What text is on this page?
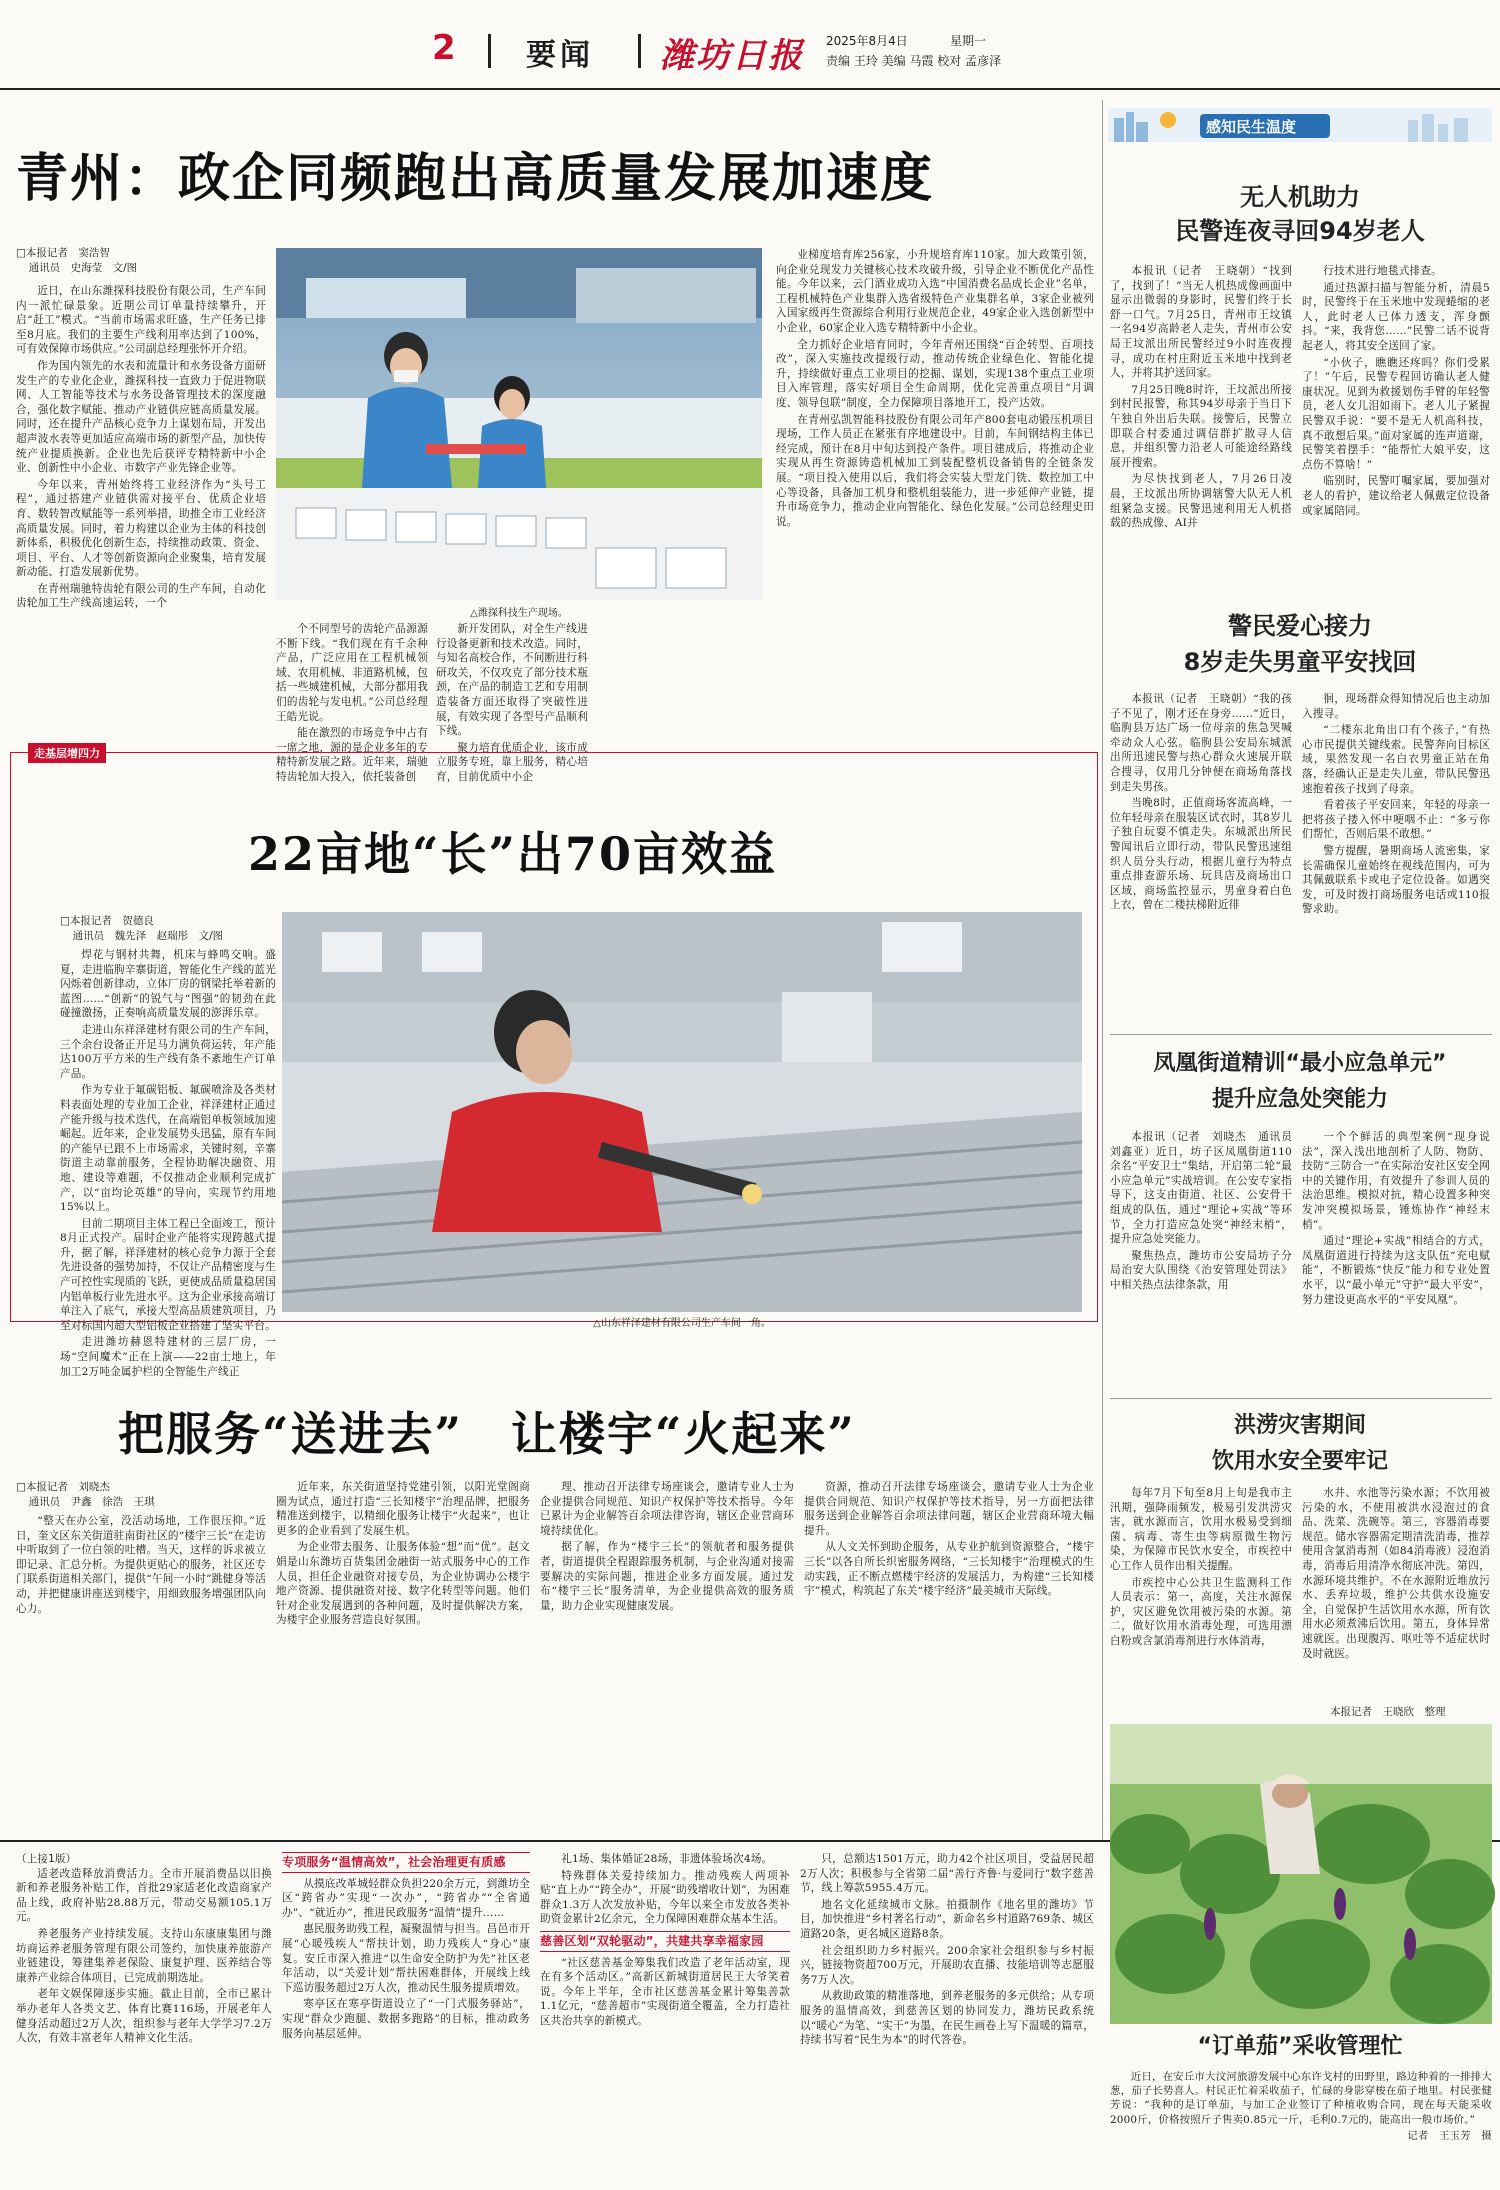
2 要闻 潍坊日报 2025年8月4日	星期一
责编 王玲 美编 马霞 校对 孟彦泽
青州：政企同频跑出高质量发展加速度
□本报记者　窦浩智
通讯员　史海莹　文/图

近日，在山东潍探科技股份有限公司，生产车间内一派忙碌景象。近期公司订单量持续攀升，开启“赶工”模式。“当前市场需求旺盛，生产任务已排至8月底。我们的主要生产线利用率达到了100%，可有效保障市场供应。”公司副总经理张怀开介绍。

作为国内领先的水表和流量计和水务设备方面研发生产的专业化企业，潍探科技一直致力于促进物联网、人工智能等技术与水务设备管理技术的深度融合，强化数字赋能、推动产业链供应链高质量发展。同时，还在提升产品核心竞争力上谋划布局，开发出超声波水表等更加适应高端市场的新型产品，加快传统产业提质换新。企业也先后获评专精特新中小企业、创新性中小企业、市数字产业先锋企业等。

今年以来，青州始终将工业经济作为“头号工程”，通过搭建产业链供需对接平台、优质企业培育、数转智改赋能等一系列举措，助推全市工业经济高质量发展。同时，着力构建以企业为主体的科技创新体系，积极优化创新生态，持续推动政策、资金、项目、平台、人才等创新资源向企业聚集，培育发展新动能、打造发展新优势。

在青州瑞驰特齿轮有限公司的生产车间，自动化齿轮加工生产线高速运转，一个

△潍探科技生产现场。

个不同型号的齿轮产品源源不断下线。“我们现在有千余种产品，广泛应用在工程机械领域、农用机械、非道路机械，包括一些城建机械，大部分都用我们的齿轮与发电机。”公司总经理王皓光说。

能在激烈的市场竞争中占有一席之地，源的是企业多年的专精特新发展之路。近年来，瑞驰特齿轮加大投入，依托装备创

新开发团队，对全生产线进行设备更新和技术改造。同时，与知名高校合作，不间断进行科研攻关，不仅攻克了部分技术瓶颈，在产品的制造工艺和专用制造装备方面还取得了突破性进展，有效实现了各型号产品顺利下线。

聚力培育优质企业，该市成立服务专班，靠上服务，精心培育，目前优质中小企

业梯度培育库256家，小升规培育库110家。加大政策引领，向企业兑现发力关键核心技术攻破升级，引导企业不断优化产品性能。今年以来，云门酒业成功入选“中国消费名品成长企业”名单，工程机械特色产业集群入选省级特色产业集群名单，3家企业被列入国家级再生资源综合利用行业规范企业，49家企业入选创新型中小企业，60家企业入选专精特新中小企业。

全力抓好企业培育同时，今年青州还围绕“百企转型、百项技改”，深入实施技改提级行动，推动传统企业绿色化、智能化提升，持续做好重点工业项目的挖掘、谋划，实现138个重点工业项目入库管理，落实好项目全生命周期，优化完善重点项目“月调度、领导包联”制度，全力保障项目落地开工，投产达效。

在青州弘凯智能科技股份有限公司年产800套电动锻压机项目现场，工作人员正在紧张有序地建设中。目前，车间钢结构主体已经完成，预计在8月中旬达到投产条件。项目建成后，将推动企业实现从再生资源铸造机械加工到装配整机设备销售的全链条发展。“项目投入使用以后，我们将会实装大型龙门铣、数控加工中心等设备，具备加工机身和整机组装能力，进一步延伸产业链，提升市场竞争力，推动企业向智能化、绿色化发展。”公司总经理史田说。

走基层增四力
22亩地“长”出70亩效益
□本报记者　贺德良
通讯员　魏先泽　赵瑞彤　文/图

焊花与钢材共舞，机床与蜂鸣交响。盛夏，走进临朐辛寨街道，智能化生产线的蓝光闪烁着创新律动，立体厂房的钢梁托举着新的蓝图……“创新”的锐气与“图强”的韧劲在此碰撞激扬，正奏响高质量发展的澎湃乐章。

走进山东祥泽建材有限公司的生产车间，三个余台设备正开足马力满负荷运转，年产能达100万平方米的生产线有条不紊地生产订单产品。

作为专业于氟碳铝板、氟碳喷涂及各类材料表面处理的专业加工企业，祥泽建材正通过产能升级与技术迭代，在高端铝单板领域加速崛起。近年来，企业发展势头迅猛，原有车间的产能早已跟不上市场需求，关键时刻，辛寨街道主动靠前服务，全程协助解决融资、用地、建设等难题，不仅推动企业顺利完成扩产，以“亩均论英雄”的导向，实现节约用地15%以上。

目前二期项目主体工程已全面竣工，预计8月正式投产。届时企业产能将实现跨越式提升，据了解，祥泽建材的核心竞争力源于全套先进设备的强势加持，不仅让产品精密度与生产可控性实现质的飞跃，更使成品质量稳居国内铝单板行业先进水平。这为企业承接高端订单注入了底气，承接大型高品质建筑项目，乃至对标国内超大型铝板企业搭建了坚实平台。

走进潍坊赫恩特建材的三层厂房，一场“空间魔术”正在上演——22亩土地上，年加工2万吨金属护栏的全智能生产线正

△山东祥泽建材有限公司生产车间一角。
把服务“送进去”　让楼宇“火起来”
□本报记者　刘晓杰
通讯员　尹鑫　徐浩　王琪

“整天在办公室，没活动场地，工作很压抑。”近日，奎文区东关街道驻南街社区的“楼宇三长”在走访中听取到了一位白领的吐槽。当天，这样的诉求被立即记录、汇总分析。为提供更贴心的服务，社区还专门联系街道相关部门，提供“午间一小时”跳健身等活动，并把健康讲座送到楼宇，用细致服务增强团队向心力。

近年来，东关街道坚持党建引领，以阳光堂阁商圈为试点，通过打造“三长知楼宇”治理品牌，把服务精准送到楼宇，以精细化服务让楼宇“火起来”，也让更多的企业看到了发展生机。

为企业带去服务、让服务体验“想”而“优”。赵文娟是山东潍坊百货集团金融街一站式服务中心的工作人员，担任企业融资对接专员，为企业协调办公楼宇地产资源、提供融资对接、数字化转型等问题。他们针对企业发展遇到的各种问题，及时提供解决方案，为楼宇企业服务营造良好氛围。

理、推动召开法律专场座谈会，邀请专业人士为企业提供合同规范、知识产权保护等技术指导。今年已累计为企业解答百余项法律咨询，辖区企业营商环境持续优化。

据了解，作为“楼宇三长”的领航者和服务提供者，街道提供全程跟踪服务机制，与企业沟通对接需要解决的实际问题，推进企业多方面发展。通过发布“楼宇三长”服务清单，为企业提供高效的服务质量，助力企业实现健康发展。

资源，推动召开法律专场座谈会，邀请专业人士为企业提供合同规范、知识产权保护等技术指导，另一方面把法律服务送到企业解答百余项法律问题，辖区企业营商环境大幅提升。

从人文关怀到助企服务，从专业护航到资源整合，“楼宇三长”以各自所长织密服务网络，“三长知楼宇”治理模式的生动实践，正不断点燃楼宇经济的发展活力，为构建“三长知楼宇”模式，构筑起了东关“楼宇经济”最美城市天际线。

（上接1版）

适老改造释放消费活力。全市开展消费品以旧换新和养老服务补贴工作，首批29家适老化改造商家产品上线，政府补贴28.88万元，带动交易额105.1万元。

养老服务产业持续发展。支持山东康康集团与潍坊商运养老服务管理有限公司签约，加快康养旅游产业链建设，筹建集养老保险、康复护理、医养结合等康养产业综合体项目，已完成前期选址。

老年文娱保障逐步实施。截止目前，全市已累计举办老年人各类文艺、体育比赛116场，开展老年人健身活动超过2万人次，组织参与老年大学学习7.2万人次，有效丰富老年人精神文化生活。

专项服务“温情高效”，社会治理更有质感

从摸底改革城轻群众负担220余万元，到潍坊全区“跨省办”实现“一次办”，“跨省办”“全省通办”、“就近办”，推进民政服务“温情”提升……

惠民服务助残工程，凝聚温情与担当。昌邑市开展“心暖残疾人”帮扶计划，助力残疾人“身心”康复。安丘市深入推进“以生命安全防护为先”社区老年活动，以“关爱计划”帮扶困难群体，开展线上线下巡访服务超过2万人次，推动民生服务提质增效。

寒亭区在寒亭街道设立了“一门式服务驿站”，实现“群众少跑腿、数据多跑路”的目标，推动政务服务向基层延伸。

礼1场、集体婚证28场，非遗体验场次4场。

特殊群体关爱持续加力。推动残疾人两项补贴“直上办”“跨全办”，开展“助残增收计划”，为困难群众1.3万人次发放补贴，今年以来全市发放各类补助资金累计2亿余元，全力保障困难群众基本生活。

慈善区划“双轮驱动”，共建共享幸福家园

“社区慈善基金筹集我们改造了老年活动室，现在有多个活动区。”高新区新城街道居民王大爷笑着说。今年上半年，全市社区慈善基金累计筹集善款1.1亿元，“慈善超市”实现街道全覆盖，全力打造社区共治共享的新模式。

只，总额达1501万元，助力42个社区项目，受益居民超2万人次；积极参与全省第二届“善行齐鲁·与爱同行”数字慈善节，线上筹款5955.4万元。

地名文化延续城市文脉。拍摄制作《地名里的潍坊》节目，加快推进“乡村著名行动”，新命名乡村道路769条、城区道路20条，更名城区道路8条。

社会组织助力乡村振兴。200余家社会组织参与乡村振兴，链接物资超700万元，开展助农直播、技能培训等志愿服务7万人次。

从救助政策的精准落地，到养老服务的多元供给；从专项服务的温情高效，到慈善区划的协同发力，潍坊民政系统以“暖心”为笔、“实干”为墨，在民生画卷上写下温暖的篇章，持续书写着“民生为本”的时代答卷。

感知民生温度
无人机助力
民警连夜寻回94岁老人

本报讯（记者　王晓朝）“找到了，找到了！”当无人机热成像画面中显示出微弱的身影时，民警们终于长舒一口气。7月25日，青州市王坟镇一名94岁高龄老人走失，青州市公安局王坟派出所民警经过9小时连夜搜寻，成功在村庄附近玉米地中找到老人，并将其护送回家。

7月25日晚8时许，王坟派出所接到村民报警，称其94岁母亲于当日下午独自外出后失联。接警后，民警立即联合村委通过调信群扩散寻人信息，并组织警力沿老人可能途经路线展开搜索。

为尽快找到老人，7月26日凌晨，王坟派出所协调辖警大队无人机组紧急支援。民警迅速利用无人机搭载的热成像、AI并

行技术进行地毯式排查。

通过热源扫描与智能分析，清晨5时，民警终于在玉米地中发现蜷缩的老人，此时老人已体力透支，浑身颤抖。“来，我背您……”民警二话不说背起老人，将其安全送回了家。

“小伙子，瞧瞧还疼吗？你们受累了！”午后，民警专程回访确认老人健康状况。见到为救援划伤手臂的年轻警员，老人女儿泪如雨下。老人儿子紧握民警双手说：“要不是无人机高科技，真不敢想后果。”面对家属的连声道谢，民警笑着摆手：“能帮忙大娘平安，这点伤不算啥！”

临别时，民警叮嘱家属，要加强对老人的看护，建议给老人佩戴定位设备或家属陪同。

警民爱心接力
8岁走失男童平安找回

本报讯（记者　王晓朝）“我的孩子不见了，刚才还在身旁……”近日，临朐县万达广场一位母亲的焦急哭喊牵动众人心弦。临朐县公安局东城派出所迅速民警与热心群众火速展开联合搜寻，仅用几分钟便在商场角落找到走失男孩。

当晚8时，正值商场客流高峰，一位年轻母亲在服装区试衣时，其8岁儿子独自玩耍不慎走失。东城派出所民警闻讯后立即行动，带队民警迅速组织人员分头行动，根据儿童行为特点重点排查游乐场、玩具店及商场出口区域，商场监控显示，男童身着白色上衣，曾在二楼扶梯附近徘

徊，现场群众得知情况后也主动加入搜寻。

“二楼东北角出口有个孩子，”有热心市民提供关键线索。民警奔向目标区域，果然发现一名白衣男童正站在角落，经确认正是走失儿童，带队民警迅速抱着孩子找到了母亲。

看着孩子平安回来，年轻的母亲一把将孩子搂入怀中哽咽不止：“多亏你们帮忙，否则后果不敢想。”

警方提醒，暑期商场人流密集，家长需确保儿童始终在视线范围内，可为其佩戴联系卡或电子定位设备。如遇突发，可及时拨打商场服务电话或110报警求助。

凤凰街道精训“最小应急单元”
提升应急处突能力

本报讯（记者　刘晓杰　通讯员　刘鑫亚）近日，坊子区凤凰街道110余名“平安卫士”集结，开启第二轮“最小应急单元”实战培训。在公安专家指导下，这支由街道、社区、公安骨干组成的队伍，通过“理论+实战”等环节，全力打造应急处突“神经末梢”，提升应急处突能力。

聚焦热点，潍坊市公安局坊子分局治安大队围绕《治安管理处罚法》中相关热点法律条款，用

一个个鲜活的典型案例“现身说法”，深入浅出地剖析了人防、物防、技防“三防合一”在实际治安社区安全网中的关键作用，有效提升了参训人员的法治思维。模拟对抗，精心设置多种突发冲突模拟场景，锤炼协作“神经末梢”。

通过“理论+实战”相结合的方式，凤凰街道进行持续为这支队伍“充电赋能”，不断锻炼“快反”能力和专业处置水平，以“最小单元”守护“最大平安”，努力建设更高水平的“平安凤凰”。

洪涝灾害期间
饮用水安全要牢记

每年7月下旬至8月上旬是我市主汛期，强降雨频发，极易引发洪涝灾害，就水源而言，饮用水极易受到细菌、病毒、寄生虫等病原微生物污染，为保障市民饮水安全，市疾控中心工作人员作出相关提醒。

市疾控中心公共卫生监测科工作人员表示：第一，高度，关注水源保护，灾区避免饮用被污染的水源。第二，做好饮用水消毒处理，可选用漂白粉或含氯消毒剂进行水体消毒，

水井、水池等污染水源；不饮用被污染的水，不使用被洪水浸泡过的食品、洗菜、洗碗等。第三，容器消毒要规范。储水容器需定期清洗消毒，推荐使用含氯消毒剂（如84消毒液）浸泡消毒，消毒后用清净水彻底冲洗。第四，水源环境共维护。不在水源附近堆放污水、丢弃垃圾，维护公共供水设施安全，自觉保护生活饮用水水源，所有饮用水必须煮沸后饮用。第五，身体异常速就医。出现腹泻、呕吐等不适症状时及时就医。

本报记者　王晓欣　整理
“订单茄”采收管理忙

近日，在安丘市大汶河旅游发展中心东许戈村的田野里，路边种着的一排排大葱，茄子长势喜人。村民正忙着采收茄子，忙碌的身影穿梭在茄子地里。村民张健芳说：“我种的是订单茄，与加工企业签订了种植收购合同，现在每天能采收2000斤，价格按照斤子售卖0.85元一斤，毛利0.7元的，能高出一般市场价。”

记者　王玉芳　摄
